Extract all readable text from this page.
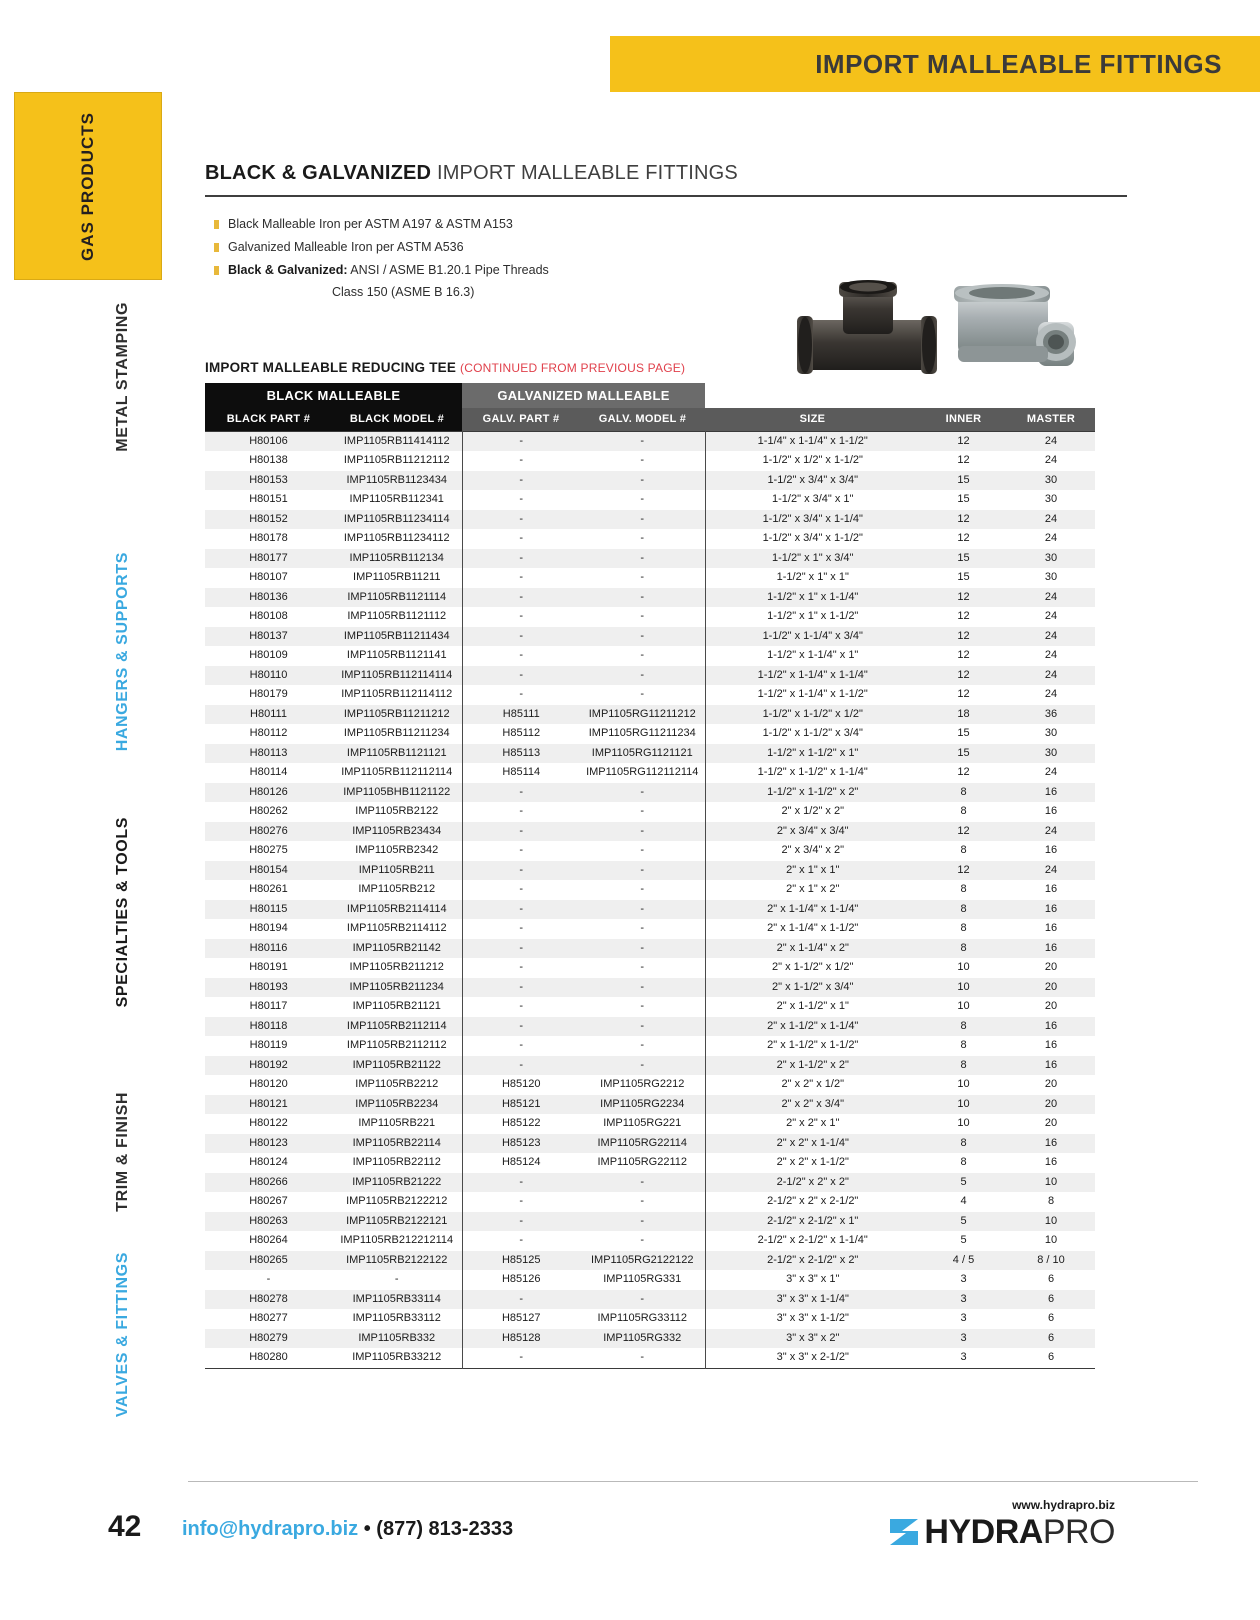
IMPORT MALLEABLE FITTINGS
GAS PRODUCTS
METAL STAMPING
HANGERS & SUPPORTS
SPECIALTIES & TOOLS
TRIM & FINISH
VALVES & FITTINGS
BLACK & GALVANIZED IMPORT MALLEABLE FITTINGS
Black Malleable Iron per ASTM A197 & ASTM A153
Galvanized Malleable Iron per ASTM A536
Black & Galvanized: ANSI / ASME B1.20.1 Pipe Threads
Class 150 (ASME B 16.3)
IMPORT MALLEABLE REDUCING TEE (CONTINUED FROM PREVIOUS PAGE)
BLACK MALLEABLE		GALVANIZED MALLEABLE				
BLACK PART #	BLACK MODEL #	GALV. PART #	GALV. MODEL #	SIZE	INNER	MASTER
H80106	IMP1105RB11414112	-	-	1-1/4" x 1-1/4" x 1-1/2"	12	24
H80138	IMP1105RB11212112	-	-	1-1/2" x 1/2" x 1-1/2"	12	24
H80153	IMP1105RB1123434	-	-	1-1/2" x 3/4" x 3/4"	15	30
H80151	IMP1105RB112341	-	-	1-1/2" x 3/4" x 1"	15	30
H80152	IMP1105RB11234114	-	-	1-1/2" x 3/4" x 1-1/4"	12	24
H80178	IMP1105RB11234112	-	-	1-1/2" x 3/4" x 1-1/2"	12	24
H80177	IMP1105RB112134	-	-	1-1/2" x 1" x 3/4"	15	30
H80107	IMP1105RB11211	-	-	1-1/2" x 1" x 1"	15	30
H80136	IMP1105RB1121114	-	-	1-1/2" x 1" x 1-1/4"	12	24
H80108	IMP1105RB1121112	-	-	1-1/2" x 1" x 1-1/2"	12	24
H80137	IMP1105RB11211434	-	-	1-1/2" x 1-1/4" x 3/4"	12	24
H80109	IMP1105RB1121141	-	-	1-1/2" x 1-1/4" x 1"	12	24
H80110	IMP1105RB112114114	-	-	1-1/2" x 1-1/4" x 1-1/4"	12	24
H80179	IMP1105RB112114112	-	-	1-1/2" x 1-1/4" x 1-1/2"	12	24
H80111	IMP1105RB11211212	H85111	IMP1105RG11211212	1-1/2" x 1-1/2" x 1/2"	18	36
H80112	IMP1105RB11211234	H85112	IMP1105RG11211234	1-1/2" x 1-1/2" x 3/4"	15	30
H80113	IMP1105RB1121121	H85113	IMP1105RG1121121	1-1/2" x 1-1/2" x 1"	15	30
H80114	IMP1105RB112112114	H85114	IMP1105RG112112114	1-1/2" x 1-1/2" x 1-1/4"	12	24
H80126	IMP1105BHB1121122	-	-	1-1/2" x 1-1/2" x 2"	8	16
H80262	IMP1105RB2122	-	-	2" x 1/2" x 2"	8	16
H80276	IMP1105RB23434	-	-	2" x 3/4" x 3/4"	12	24
H80275	IMP1105RB2342	-	-	2" x 3/4" x 2"	8	16
H80154	IMP1105RB211	-	-	2" x 1" x 1"	12	24
H80261	IMP1105RB212	-	-	2" x 1" x 2"	8	16
H80115	IMP1105RB2114114	-	-	2" x 1-1/4" x 1-1/4"	8	16
H80194	IMP1105RB2114112	-	-	2" x 1-1/4" x 1-1/2"	8	16
H80116	IMP1105RB21142	-	-	2" x 1-1/4" x 2"	8	16
H80191	IMP1105RB211212	-	-	2" x 1-1/2" x 1/2"	10	20
H80193	IMP1105RB211234	-	-	2" x 1-1/2" x 3/4"	10	20
H80117	IMP1105RB21121	-	-	2" x 1-1/2" x 1"	10	20
H80118	IMP1105RB2112114	-	-	2" x 1-1/2" x 1-1/4"	8	16
H80119	IMP1105RB2112112	-	-	2" x 1-1/2" x 1-1/2"	8	16
H80192	IMP1105RB21122	-	-	2" x 1-1/2" x 2"	8	16
H80120	IMP1105RB2212	H85120	IMP1105RG2212	2" x 2" x 1/2"	10	20
H80121	IMP1105RB2234	H85121	IMP1105RG2234	2" x 2" x 3/4"	10	20
H80122	IMP1105RB221	H85122	IMP1105RG221	2" x 2" x 1"	10	20
H80123	IMP1105RB22114	H85123	IMP1105RG22114	2" x 2" x 1-1/4"	8	16
H80124	IMP1105RB22112	H85124	IMP1105RG22112	2" x 2" x 1-1/2"	8	16
H80266	IMP1105RB21222	-	-	2-1/2" x 2" x 2"	5	10
H80267	IMP1105RB2122212	-	-	2-1/2" x 2" x 2-1/2"	4	8
H80263	IMP1105RB2122121	-	-	2-1/2" x 2-1/2" x 1"	5	10
H80264	IMP1105RB212212114	-	-	2-1/2" x 2-1/2" x 1-1/4"	5	10
H80265	IMP1105RB2122122	H85125	IMP1105RG2122122	2-1/2" x 2-1/2" x 2"	4 / 5	8 / 10
-	-	H85126	IMP1105RG331	3" x 3" x 1"	3	6
H80278	IMP1105RB33114	-	-	3" x 3" x 1-1/4"	3	6
H80277	IMP1105RB33112	H85127	IMP1105RG33112	3" x 3" x 1-1/2"	3	6
H80279	IMP1105RB332	H85128	IMP1105RG332	3" x 3" x 2"	3	6
H80280	IMP1105RB33212	-	-	3" x 3" x 2-1/2"	3	6
42 info@hydrapro.biz • (877) 813-2333
www.hydrapro.biz
HYDRAPRO
